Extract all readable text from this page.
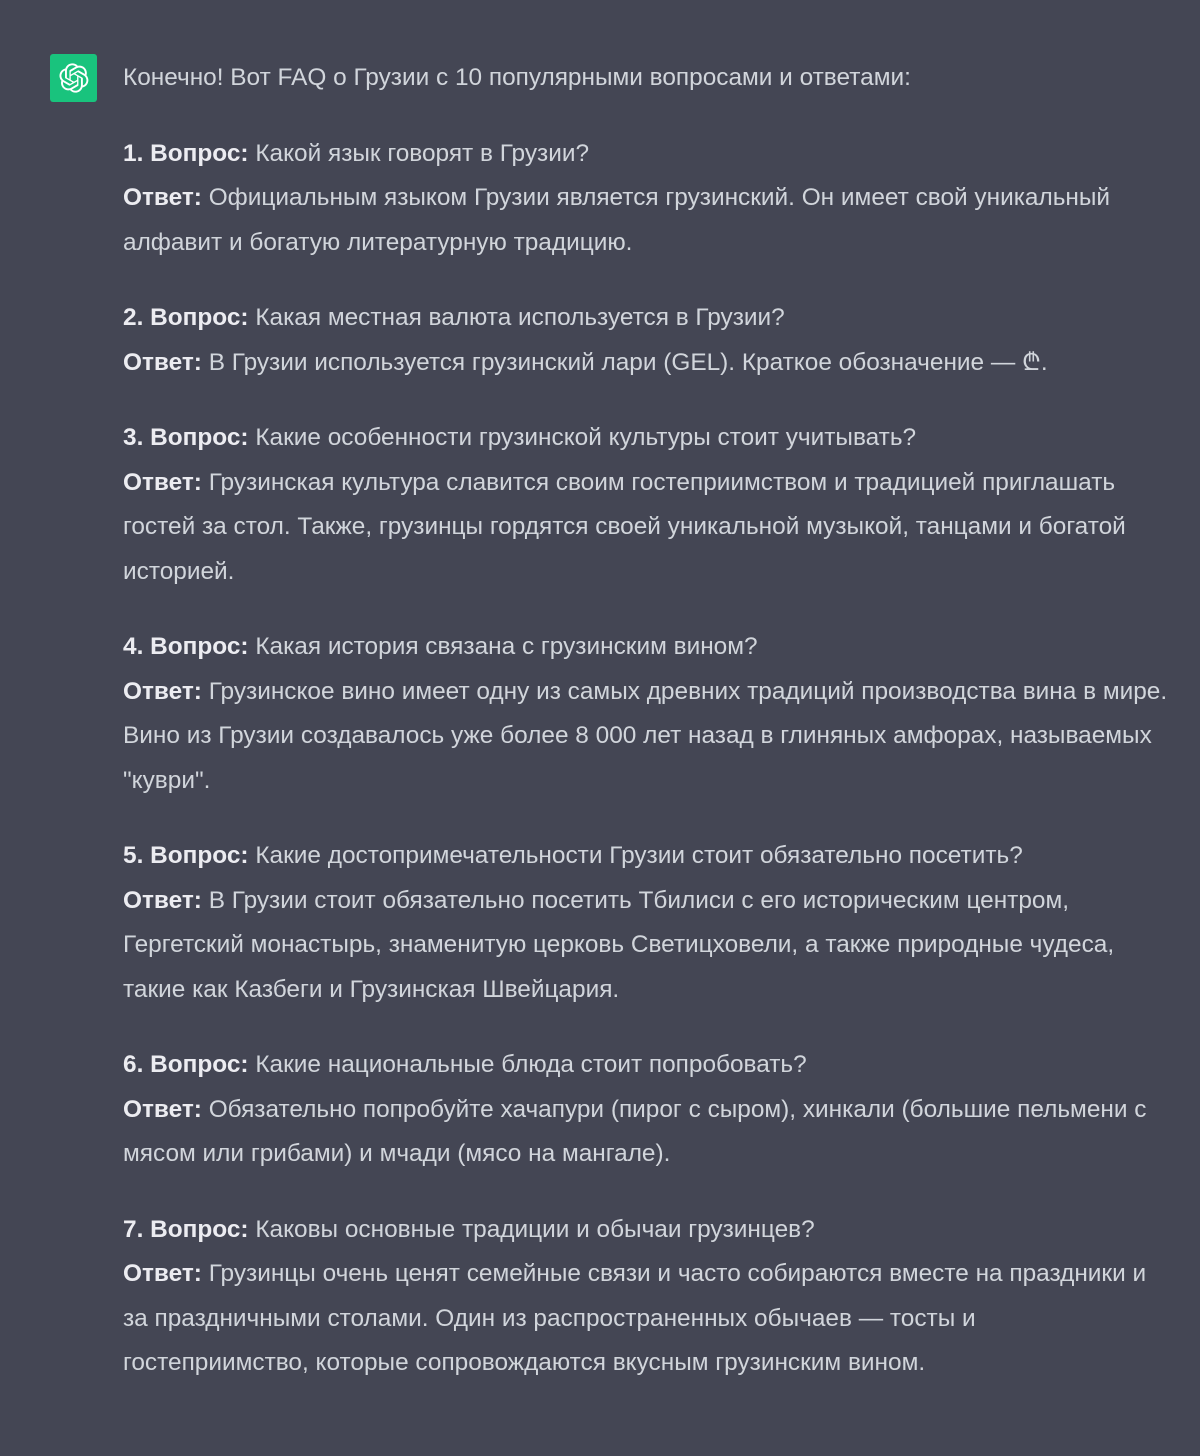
Конечно! Вот FAQ о Грузии с 10 популярными вопросами и ответами:

1. Вопрос: Какой язык говорят в Грузии?

Ответ: Официальным языком Грузии является грузинский. Он имеет свой уникальный алфавит и богатую литературную традицию.

2. Вопрос: Какая местная валюта используется в Грузии?

Ответ: В Грузии используется грузинский лари (GEL). Краткое обозначение — ₾.

3. Вопрос: Какие особенности грузинской культуры стоит учитывать?

Ответ: Грузинская культура славится своим гостеприимством и традицией приглашать гостей за стол. Также, грузинцы гордятся своей уникальной музыкой, танцами и богатой историей.

4. Вопрос: Какая история связана с грузинским вином?

Ответ: Грузинское вино имеет одну из самых древних традиций производства вина в мире. Вино из Грузии создавалось уже более 8 000 лет назад в глиняных амфорах, называемых "куври".

5. Вопрос: Какие достопримечательности Грузии стоит обязательно посетить?

Ответ: В Грузии стоит обязательно посетить Тбилиси с его историческим центром, Гергетский монастырь, знаменитую церковь Светицховели, а также природные чудеса, такие как Казбеги и Грузинская Швейцария.

6. Вопрос: Какие национальные блюда стоит попробовать?

Ответ: Обязательно попробуйте хачапури (пирог с сыром), хинкали (большие пельмени с мясом или грибами) и мчади (мясо на мангале).

7. Вопрос: Каковы основные традиции и обычаи грузинцев?

Ответ: Грузинцы очень ценят семейные связи и часто собираются вместе на праздники и за праздничными столами. Один из распространенных обычаев — тосты и гостеприимство, которые сопровождаются вкусным грузинским вином.
